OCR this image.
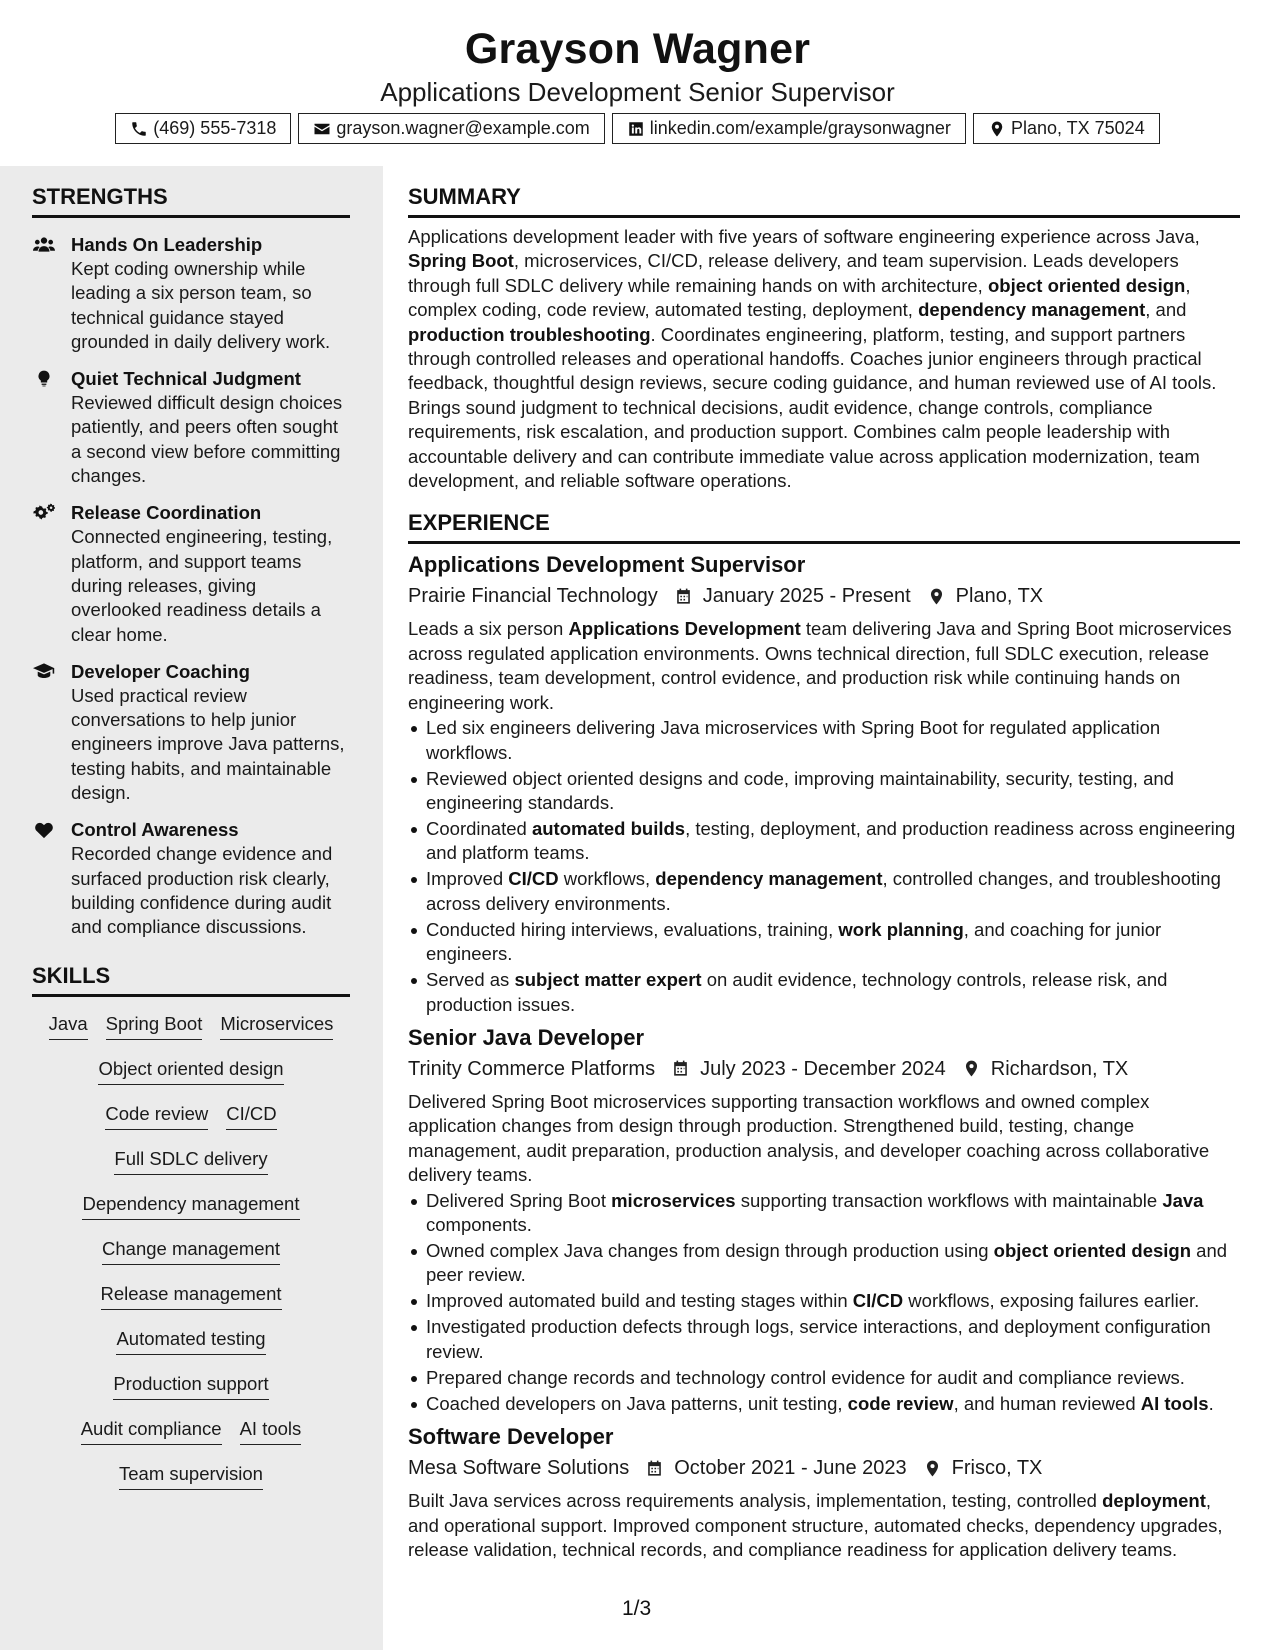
Grayson Wagner
Applications Development Senior Supervisor
(469) 555-7318	grayson.wagner@example.com	linkedin.com/example/graysonwagner	Plano, TX 75024
STRENGTHS
Hands On Leadership
Kept coding ownership while leading a six person team, so technical guidance stayed grounded in daily delivery work.
Quiet Technical Judgment
Reviewed difficult design choices patiently, and peers often sought a second view before committing changes.
Release Coordination
Connected engineering, testing, platform, and support teams during releases, giving overlooked readiness details a clear home.
Developer Coaching
Used practical review conversations to help junior engineers improve Java patterns, testing habits, and maintainable design.
Control Awareness
Recorded change evidence and surfaced production risk clearly, building confidence during audit and compliance discussions.
SKILLS
Java Spring Boot Microservices
Object oriented design
Code review CI/CD
Full SDLC delivery
Dependency management
Change management
Release management
Automated testing
Production support
Audit compliance AI tools
Team supervision
SUMMARY
Applications development leader with five years of software engineering experience across Java, Spring Boot, microservices, CI/CD, release delivery, and team supervision. Leads developers through full SDLC delivery while remaining hands on with architecture, object oriented design, complex coding, code review, automated testing, deployment, dependency management, and production troubleshooting. Coordinates engineering, platform, testing, and support partners through controlled releases and operational handoffs. Coaches junior engineers through practical feedback, thoughtful design reviews, secure coding guidance, and human reviewed use of AI tools. Brings sound judgment to technical decisions, audit evidence, change controls, compliance requirements, risk escalation, and production support. Combines calm people leadership with accountable delivery and can contribute immediate value across application modernization, team development, and reliable software operations.
EXPERIENCE
Applications Development Supervisor
Prairie Financial Technology January 2025 - Present Plano, TX
Leads a six person Applications Development team delivering Java and Spring Boot microservices across regulated application environments. Owns technical direction, full SDLC execution, release readiness, team development, control evidence, and production risk while continuing hands on engineering work.
Led six engineers delivering Java microservices with Spring Boot for regulated application workflows.
Reviewed object oriented designs and code, improving maintainability, security, testing, and engineering standards.
Coordinated automated builds, testing, deployment, and production readiness across engineering and platform teams.
Improved CI/CD workflows, dependency management, controlled changes, and troubleshooting across delivery environments.
Conducted hiring interviews, evaluations, training, work planning, and coaching for junior engineers.
Served as subject matter expert on audit evidence, technology controls, release risk, and production issues.
Senior Java Developer
Trinity Commerce Platforms July 2023 - December 2024 Richardson, TX
Delivered Spring Boot microservices supporting transaction workflows and owned complex application changes from design through production. Strengthened build, testing, change management, audit preparation, production analysis, and developer coaching across collaborative delivery teams.
Delivered Spring Boot microservices supporting transaction workflows with maintainable Java components.
Owned complex Java changes from design through production using object oriented design and peer review.
Improved automated build and testing stages within CI/CD workflows, exposing failures earlier.
Investigated production defects through logs, service interactions, and deployment configuration review.
Prepared change records and technology control evidence for audit and compliance reviews.
Coached developers on Java patterns, unit testing, code review, and human reviewed AI tools.
Software Developer
Mesa Software Solutions October 2021 - June 2023 Frisco, TX
Built Java services across requirements analysis, implementation, testing, controlled deployment, and operational support. Improved component structure, automated checks, dependency upgrades, release validation, technical records, and compliance readiness for application delivery teams.
1/3
